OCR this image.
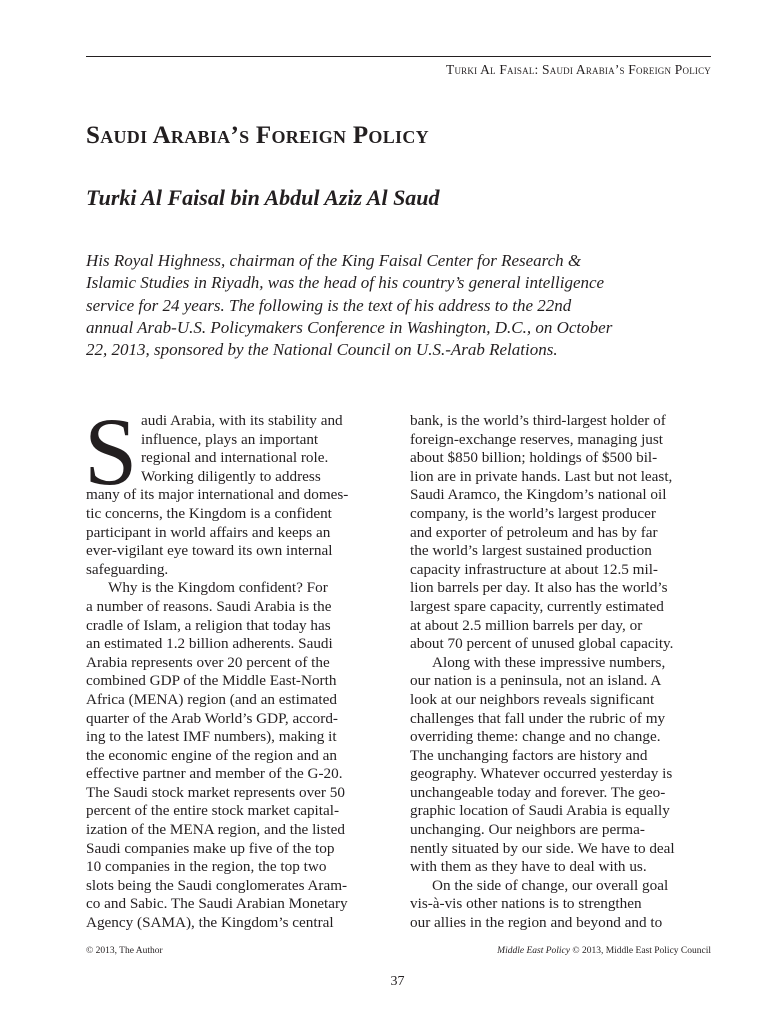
Turki Al Faisal: Saudi Arabia’s Foreign Policy
Saudi Arabia’s Foreign Policy
Turki Al Faisal bin Abdul Aziz Al Saud
His Royal Highness, chairman of the King Faisal Center for Research &
Islamic Studies in Riyadh, was the head of his country’s general intelligence
service for 24 years. The following is the text of his address to the 22nd
annual Arab-U.S. Policymakers Conference in Washington, D.C., on October
22, 2013, sponsored by the National Council on U.S.-Arab Relations.
S audi Arabia, with its stability and
influence, plays an important
regional and international role.
Working diligently to address
many of its major international and domes-
tic concerns, the Kingdom is a confident
participant in world affairs and keeps an
ever-vigilant eye toward its own internal
safeguarding.
Why is the Kingdom confident? For
a number of reasons. Saudi Arabia is the
cradle of Islam, a religion that today has
an estimated 1.2 billion adherents. Saudi
Arabia represents over 20 percent of the
combined GDP of the Middle East-North
Africa (MENA) region (and an estimated
quarter of the Arab World’s GDP, accord-
ing to the latest IMF numbers), making it
the economic engine of the region and an
effective partner and member of the G-20.
The Saudi stock market represents over 50
percent of the entire stock market capital-
ization of the MENA region, and the listed
Saudi companies make up five of the top
10 companies in the region, the top two
slots being the Saudi conglomerates Aram-
co and Sabic. The Saudi Arabian Monetary
Agency (SAMA), the Kingdom’s central
bank, is the world’s third-largest holder of
foreign-exchange reserves, managing just
about $850 billion; holdings of $500 bil-
lion are in private hands. Last but not least,
Saudi Aramco, the Kingdom’s national oil
company, is the world’s largest producer
and exporter of petroleum and has by far
the world’s largest sustained production
capacity infrastructure at about 12.5 mil-
lion barrels per day. It also has the world’s
largest spare capacity, currently estimated
at about 2.5 million barrels per day, or
about 70 percent of unused global capacity.
Along with these impressive numbers,
our nation is a peninsula, not an island. A
look at our neighbors reveals significant
challenges that fall under the rubric of my
overriding theme: change and no change.
The unchanging factors are history and
geography. Whatever occurred yesterday is
unchangeable today and forever. The geo-
graphic location of Saudi Arabia is equally
unchanging. Our neighbors are perma-
nently situated by our side. We have to deal
with them as they have to deal with us.
On the side of change, our overall goal
vis-à-vis other nations is to strengthen
our allies in the region and beyond and to
© 2013, The Author	Middle East Policy © 2013, Middle East Policy Council
37
